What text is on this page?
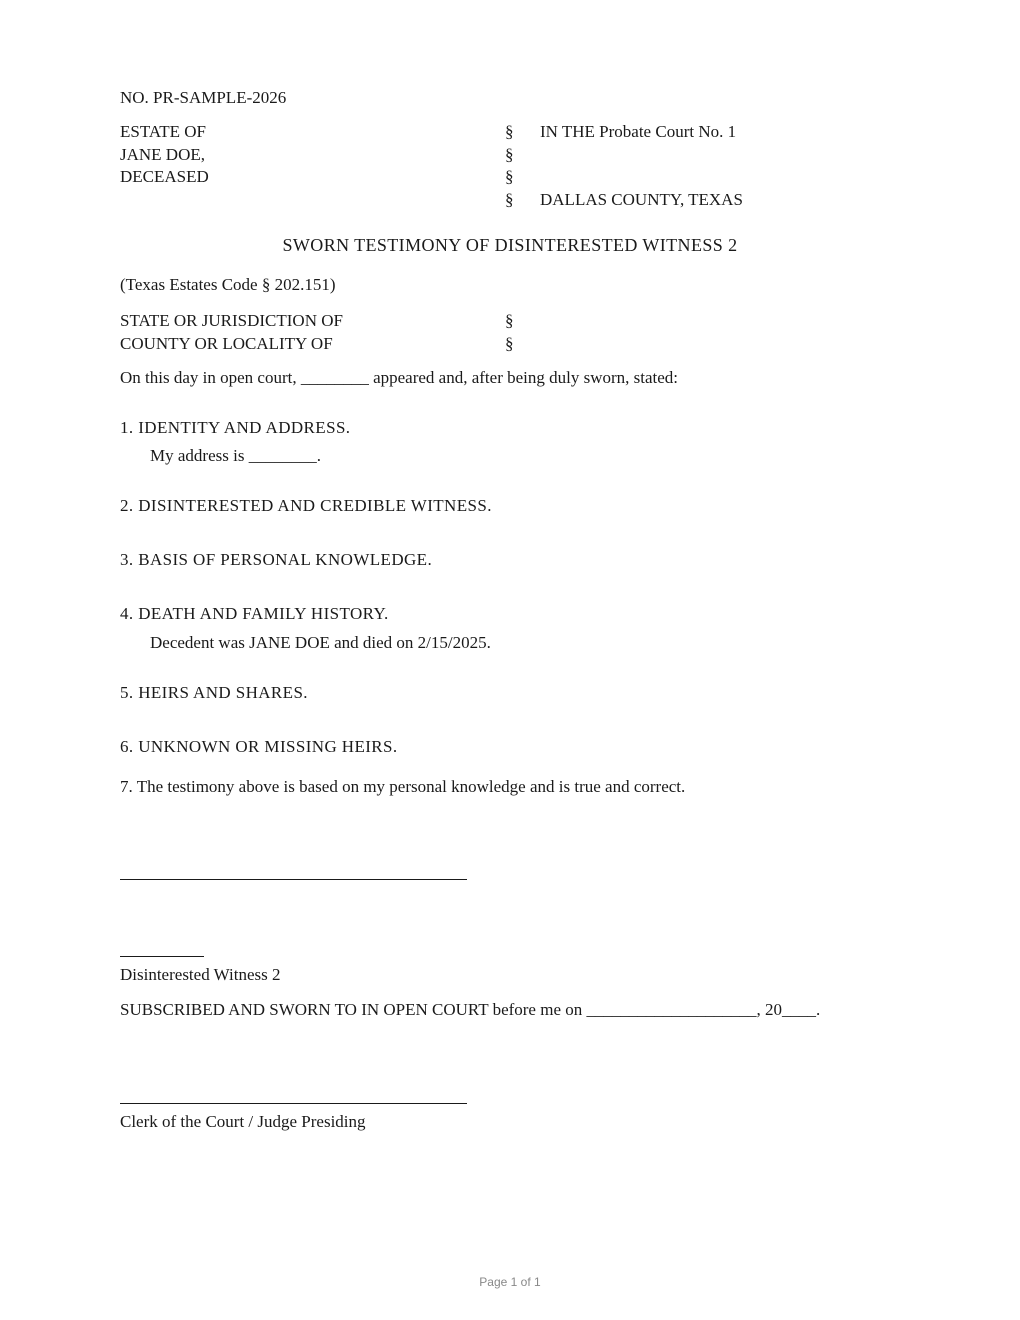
NO. PR-SAMPLE-2026
ESTATE OF
JANE DOE,
DECEASED
§
§
§
§
IN THE Probate Court No. 1
DALLAS COUNTY, TEXAS
SWORN TESTIMONY OF DISINTERESTED WITNESS 2
(Texas Estates Code § 202.151)
STATE OR JURISDICTION OF	§
COUNTY OR LOCALITY OF	§
On this day in open court, ________ appeared and, after being duly sworn, stated:
1. IDENTITY AND ADDRESS.
My address is ________.
2. DISINTERESTED AND CREDIBLE WITNESS.
3. BASIS OF PERSONAL KNOWLEDGE.
4. DEATH AND FAMILY HISTORY.
Decedent was JANE DOE and died on 2/15/2025.
5. HEIRS AND SHARES.
6. UNKNOWN OR MISSING HEIRS.
7. The testimony above is based on my personal knowledge and is true and correct.
Disinterested Witness 2
SUBSCRIBED AND SWORN TO IN OPEN COURT before me on ____________________, 20____.
Clerk of the Court / Judge Presiding
Page 1 of 1
